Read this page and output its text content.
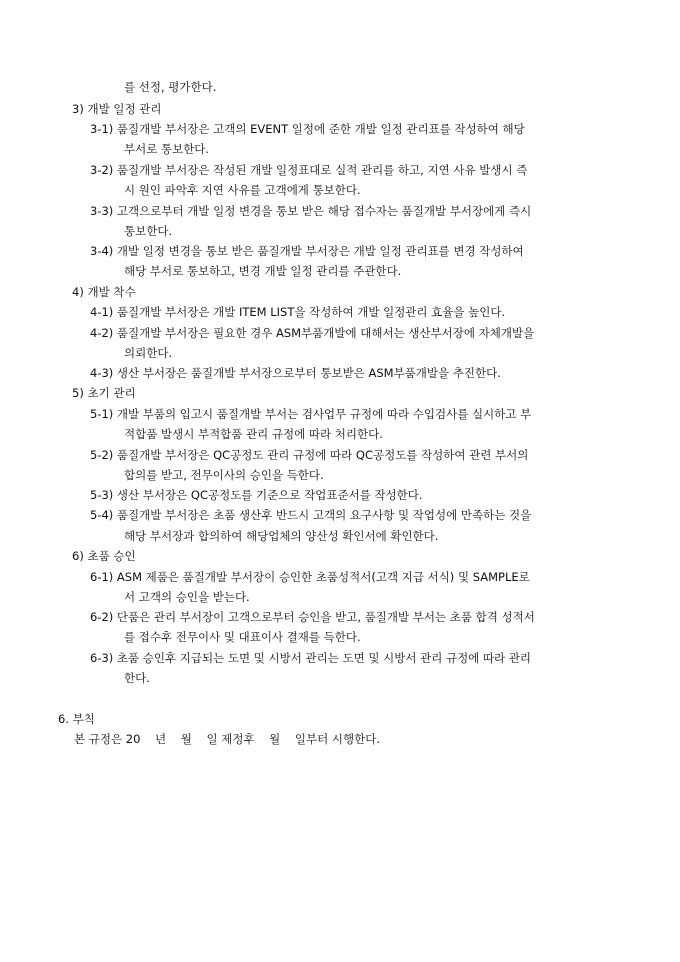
를 선정, 평가한다.
3) 개발 일정 관리
3-1) 품질개발 부서장은 고객의 EVENT 일정에 준한 개발 일정 관리표를 작성하여 해당
부서로 통보한다.
3-2) 품질개발 부서장은 작성된 개발 일정표대로 실적 관리를 하고, 지연 사유 발생시 즉
시 원인 파악후 지연 사유를 고객에게 통보한다.
3-3) 고객으로부터 개발 일정 변경을 통보 받은 해당 접수자는 품질개발 부서장에게 즉시
통보한다.
3-4) 개발 일정 변경을 통보 받은 품질개발 부서장은 개발 일정 관리표를 변경 작성하여
해당 부서로 통보하고, 변경 개발 일정 관리를 주관한다.
4) 개발 착수
4-1) 품질개발 부서장은 개발 ITEM LIST을 작성하여 개발 일정관리 효율을 높인다.
4-2) 품질개발 부서장은 필요한 경우 ASM부품개발에 대해서는 생산부서장에 자체개발을
의뢰한다.
4-3) 생산 부서장은 품질개발 부서장으로부터 통보받은 ASM부품개발을 추진한다.
5) 초기 관리
5-1) 개발 부품의 입고시 품질개발 부서는 검사업무 규정에 따라 수입검사를 실시하고 부
적합품 발생시 부적합품 관리 규정에 따라 처리한다.
5-2) 품질개발 부서장은 QC공정도 관리 규정에 따라 QC공정도를 작성하여 관련 부서의
합의를 받고, 전무이사의 승인을 득한다.
5-3) 생산 부서장은 QC공정도를 기준으로 작업표준서를 작성한다.
5-4) 품질개발 부서장은 초품 생산후 반드시 고객의 요구사항 및 작업성에 만족하는 것을
해당 부서장과 합의하여 해당업체의 양산성 확인서에 확인한다.
6) 초품 승인
6-1) ASM 제품은 품질개발 부서장이 승인한 초품성적서(고객 지급 서식) 및 SAMPLE로
서 고객의 승인을 받는다.
6-2) 단품은 관리 부서장이 고객으로부터 승인을 받고, 품질개발 부서는 초품 합격 성적서
를 접수후 전무이사 및 대표이사 결재를 득한다.
6-3) 초품 승인후 지급되는 도면 및 시방서 관리는 도면 및 시방서 관리 규정에 따라 관리
한다.
6. 부칙
본 규정은 20    년    월    일 제정후    월    일부터 시행한다.
